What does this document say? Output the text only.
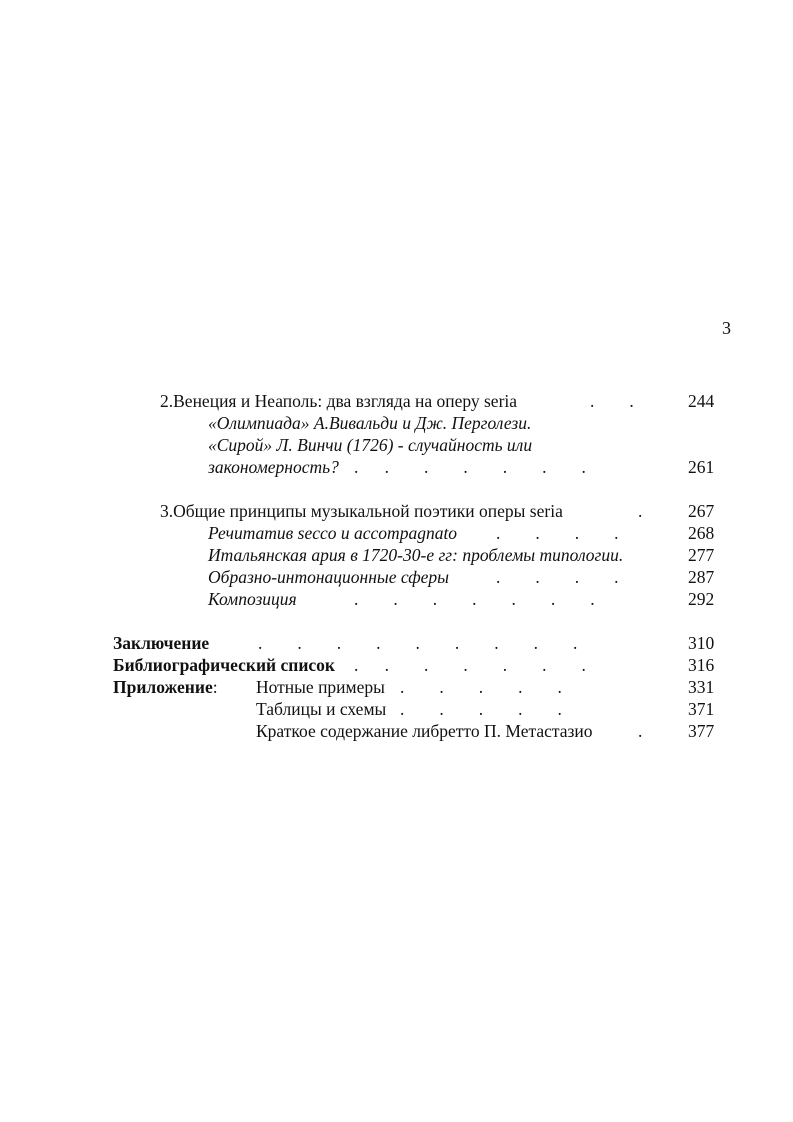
3
2.Венеция и Неаполь: два взгляда на оперу seria	.        .	244
«Олимпиада» А.Вивальди и Дж. Перголези.
«Сирой» Л. Винчи (1726) - случайность или
закономерность? .      .        .        .        .        .        .	261
3.Общие принципы музыкальной поэтики оперы seria	.	267
Речитатив secco и accompagnato .        .        .        .	268
Итальянская ария в 1720-30-е гг: проблемы типологии.	277
Образно-интонационные сферы	.        .        .        .	287
Композиция	.        .        .        .        .        .        .	292
Заключение	.        .        .        .        .        .        .        .        .	310
Библиографический список .      .        .        .        .        .        .	316
Приложение: Нотные примеры .        .        .        .        .	331
Таблицы и схемы .        .        .        .        .	371
Краткое содержание либретто П. Метастазио	.	377
